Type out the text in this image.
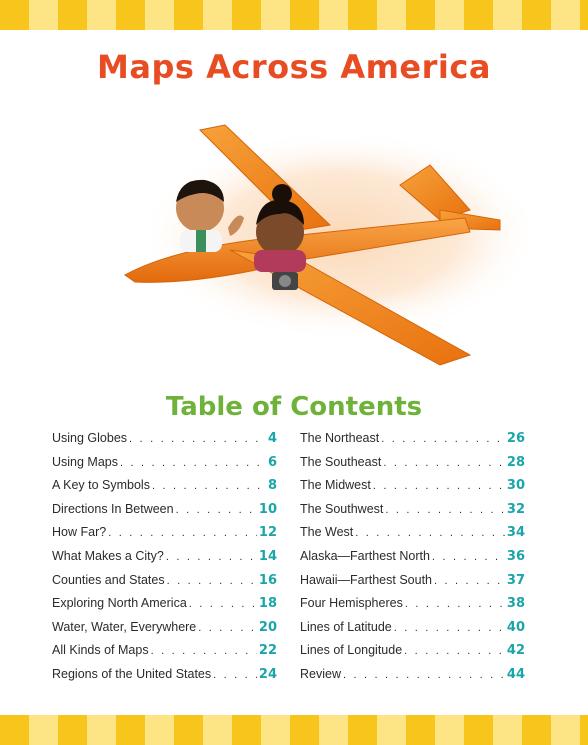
Maps Across America
Table of Contents
Using Globes . . .	4
Using Maps . . .	6
A Key to Symbols . . .	8
Directions In Between . . .	10
How Far? . . .	12
What Makes a City? . . .	14
Counties and States . . .	16
Exploring North America . . .	18
Water, Water, Everywhere . . .	20
All Kinds of Maps . . .	22
Regions of the United States . . .	24
The Northeast . . .	26
The Southeast . . .	28
The Midwest . . .	30
The Southwest . . .	32
The West . . .	34
Alaska—Farthest North . . .	36
Hawaii—Farthest South . . .	37
Four Hemispheres . . .	38
Lines of Latitude . . .	40
Lines of Longitude . . .	42
Review . . .	44
